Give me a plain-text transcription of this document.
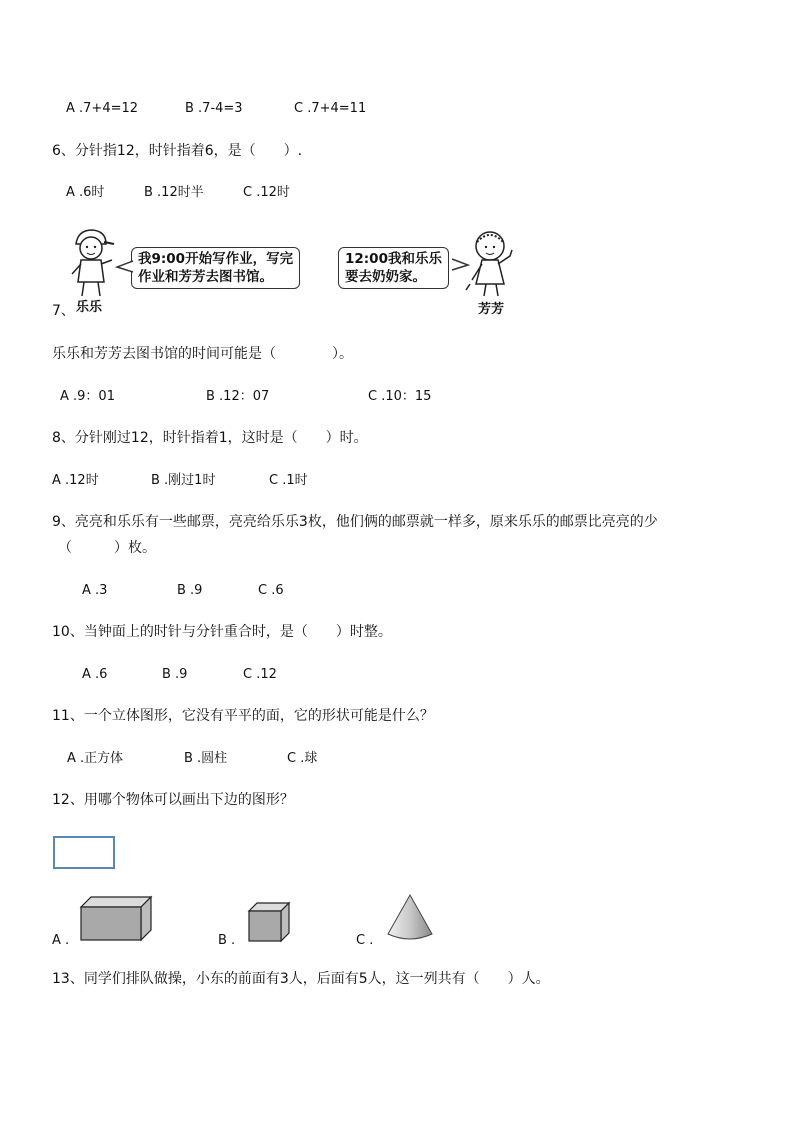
A .7+4=12	B .7-4=3	C .7+4=11
6、分针指12，时针指着6，是（　　）.
A .6时	B .12时半	C .12时
乐乐
我9:00开始写作业，写完
作业和芳芳去图书馆。
12:00我和乐乐
要去奶奶家。
芳芳
7、
乐乐和芳芳去图书馆的时间可能是（　　　　）。
A .9：01	B .12：07	C .10：15
8、分针刚过12，时针指着1，这时是（　　）时。
A .12时	B .刚过1时	C .1时
9、亮亮和乐乐有一些邮票，亮亮给乐乐3枚，他们俩的邮票就一样多，原来乐乐的邮票比亮亮的少
（　　　）枚。
A .3	B .9	C .6
10、当钟面上的时针与分针重合时，是（　　）时整。
A .6	B .9	C .12
11、一个立体图形，它没有平平的面，它的形状可能是什么？
A .正方体	B .圆柱	C .球
12、用哪个物体可以画出下边的图形？
A .	B .	C .
13、同学们排队做操，小东的前面有3人，后面有5人，这一列共有（　　）人。
